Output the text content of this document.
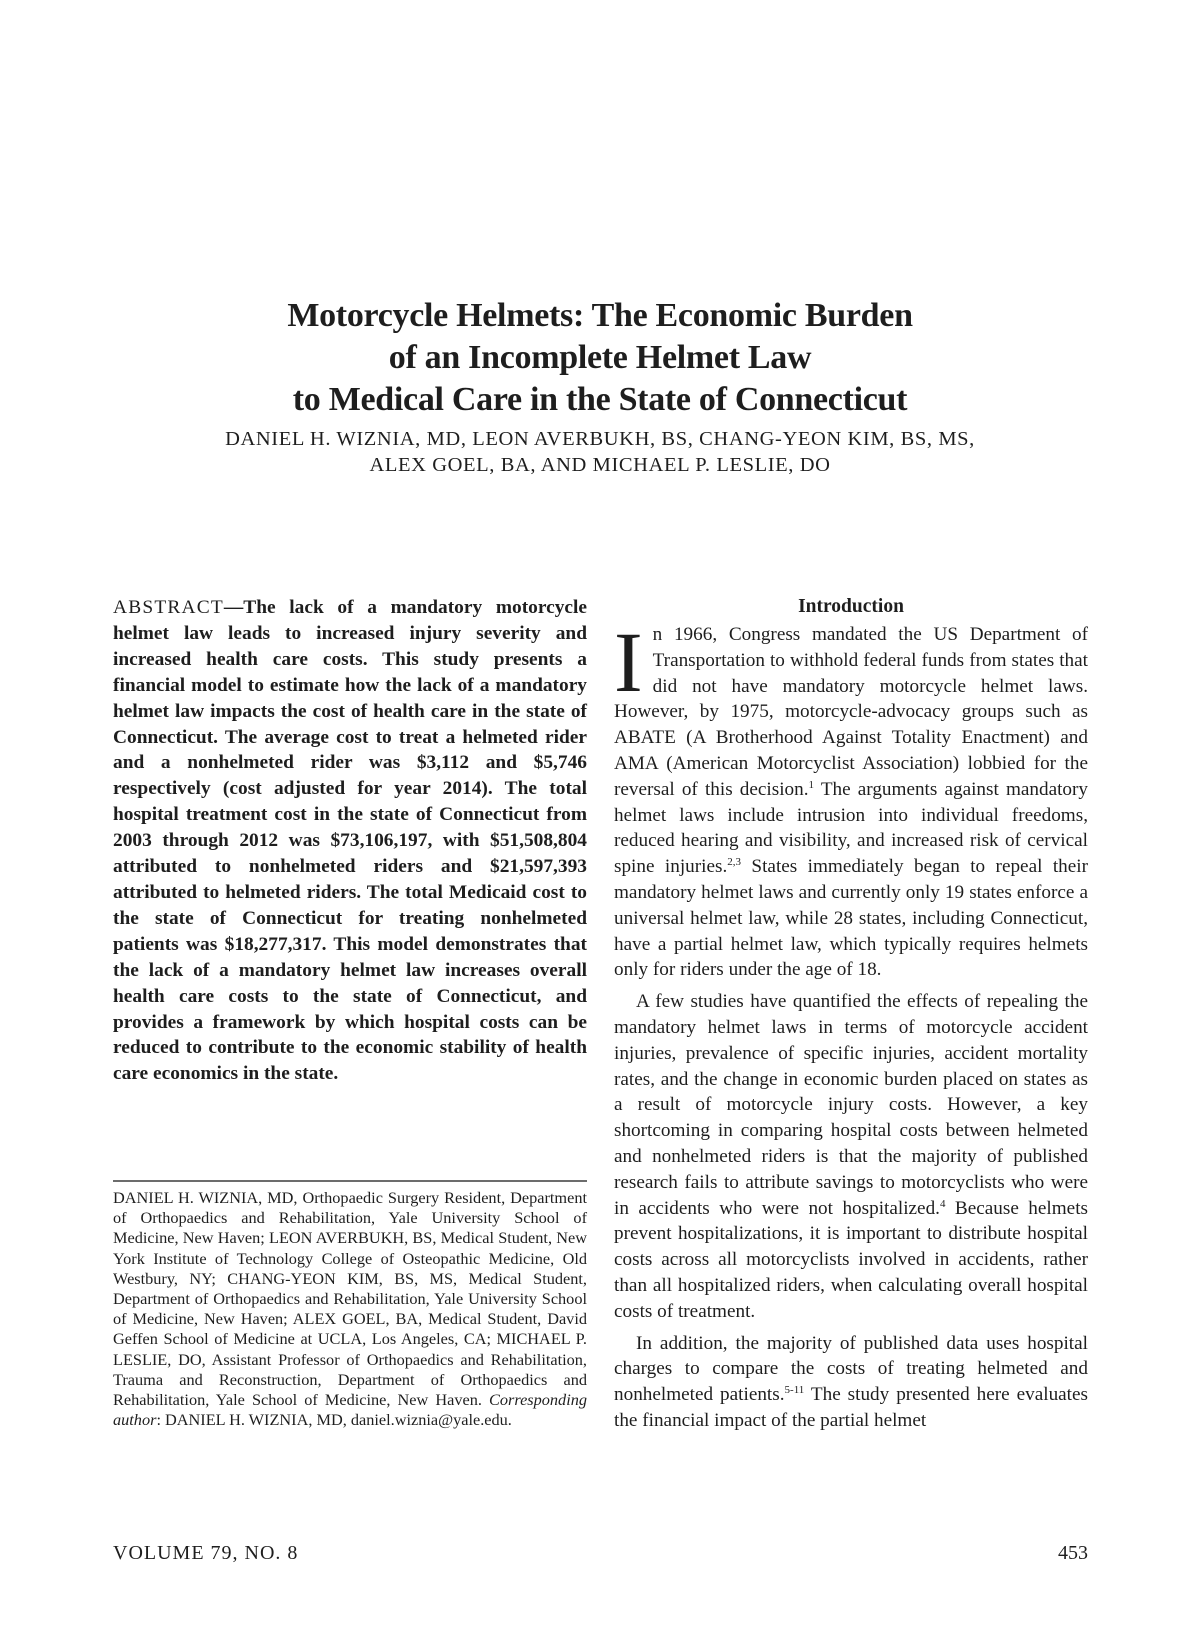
Motorcycle Helmets: The Economic Burden
of an Incomplete Helmet Law
to Medical Care in the State of Connecticut
DANIEL H. WIZNIA, MD, LEON AVERBUKH, BS, CHANG-YEON KIM, BS, MS,
ALEX GOEL, BA, AND MICHAEL P. LESLIE, DO

ABSTRACT—The lack of a mandatory motorcycle helmet law leads to increased injury severity and increased health care costs. This study presents a financial model to estimate how the lack of a mandatory helmet law impacts the cost of health care in the state of Connecticut. The average cost to treat a helmeted rider and a nonhelmeted rider was $3,112 and $5,746 respectively (cost adjusted for year 2014). The total hospital treatment cost in the state of Connecticut from 2003 through 2012 was $73,106,197, with $51,508,804 attributed to nonhelmeted riders and $21,597,393 attributed to helmeted riders. The total Medicaid cost to the state of Connecticut for treating nonhelmeted patients was $18,277,317. This model demonstrates that the lack of a mandatory helmet law increases overall health care costs to the state of Connecticut, and provides a framework by which hospital costs can be reduced to contribute to the economic stability of health care economics in the state.

DANIEL H. WIZNIA, MD, Orthopaedic Surgery Resident, Department of Orthopaedics and Rehabilitation, Yale University School of Medicine, New Haven; LEON AVERBUKH, BS, Medical Student, New York Institute of Technology College of Osteopathic Medicine, Old Westbury, NY; CHANG-YEON KIM, BS, MS, Medical Student, Department of Orthopaedics and Rehabilitation, Yale University School of Medicine, New Haven; ALEX GOEL, BA, Medical Student, David Geffen School of Medicine at UCLA, Los Angeles, CA; MICHAEL P. LESLIE, DO, Assistant Professor of Orthopaedics and Rehabilitation, Trauma and Reconstruction, Department of Orthopaedics and Rehabilitation, Yale School of Medicine, New Haven. Corresponding author: DANIEL H. WIZNIA, MD, daniel.wiznia@yale.edu.

Introduction

In 1966, Congress mandated the US Department of Transportation to withhold federal funds from states that did not have mandatory motorcycle helmet laws. However, by 1975, motorcycle-advocacy groups such as ABATE (A Brotherhood Against Totality Enactment) and AMA (American Motorcyclist Association) lobbied for the reversal of this decision.$^1$ The arguments against mandatory helmet laws include intrusion into individual freedoms, reduced hearing and visibility, and increased risk of cervical spine injuries.$^{2,3}$ States immediately began to repeal their mandatory helmet laws and currently only 19 states enforce a universal helmet law, while 28 states, including Connecticut, have a partial helmet law, which typically requires helmets only for riders under the age of 18.

A few studies have quantified the effects of repealing the mandatory helmet laws in terms of motorcycle accident injuries, prevalence of specific injuries, accident mortality rates, and the change in economic burden placed on states as a result of motorcycle injury costs. However, a key shortcoming in comparing hospital costs between helmeted and nonhelmeted riders is that the majority of published research fails to attribute savings to motorcyclists who were in accidents who were not hospitalized.$^4$ Because helmets prevent hospitalizations, it is important to distribute hospital costs across all motorcyclists involved in accidents, rather than all hospitalized riders, when calculating overall hospital costs of treatment.

In addition, the majority of published data uses hospital charges to compare the costs of treating helmeted and nonhelmeted patients.$^{5-11}$ The study presented here evaluates the financial impact of the partial helmet

VOLUME 79, NO. 8	453
